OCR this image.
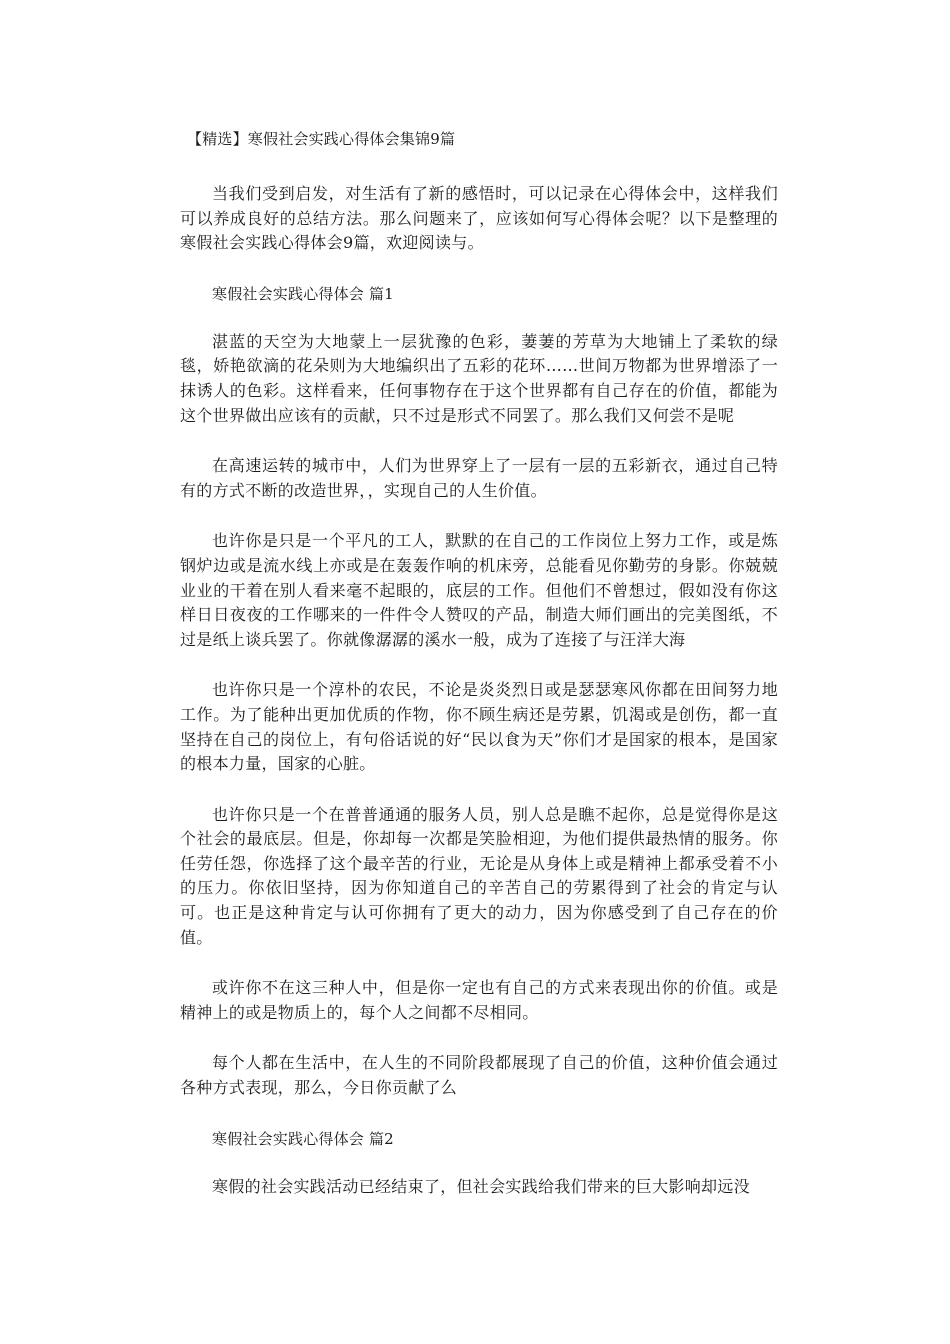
【精选】寒假社会实践心得体会集锦9篇

当我们受到启发，对生活有了新的感悟时，可以记录在心得体会中，这样我们可以养成良好的总结方法。那么问题来了，应该如何写心得体会呢？以下是整理的寒假社会实践心得体会9篇，欢迎阅读与。

寒假社会实践心得体会 篇1

湛蓝的天空为大地蒙上一层犹豫的色彩，萋萋的芳草为大地铺上了柔软的绿毯，娇艳欲滴的花朵则为大地编织出了五彩的花环……世间万物都为世界增添了一抹诱人的色彩。这样看来，任何事物存在于这个世界都有自己存在的价值，都能为这个世界做出应该有的贡献，只不过是形式不同罢了。那么我们又何尝不是呢

在高速运转的城市中，人们为世界穿上了一层有一层的五彩新衣，通过自己特有的方式不断的改造世界，，实现自己的人生价值。

也许你是只是一个平凡的工人，默默的在自己的工作岗位上努力工作，或是炼钢炉边或是流水线上亦或是在轰轰作响的机床旁，总能看见你勤劳的身影。你兢兢业业的干着在别人看来毫不起眼的，底层的工作。但他们不曾想过，假如没有你这样日日夜夜的工作哪来的一件件令人赞叹的产品，制造大师们画出的完美图纸，不过是纸上谈兵罢了。你就像潺潺的溪水一般，成为了连接了与汪洋大海

也许你只是一个淳朴的农民，不论是炎炎烈日或是瑟瑟寒风你都在田间努力地工作。为了能种出更加优质的作物，你不顾生病还是劳累，饥渴或是创伤，都一直坚持在自己的岗位上，有句俗话说的好“民以食为天”你们才是国家的根本，是国家的根本力量，国家的心脏。

也许你只是一个在普普通通的服务人员，别人总是瞧不起你，总是觉得你是这个社会的最底层。但是，你却每一次都是笑脸相迎，为他们提供最热情的服务。你任劳任怨，你选择了这个最辛苦的行业，无论是从身体上或是精神上都承受着不小的压力。你依旧坚持，因为你知道自己的辛苦自己的劳累得到了社会的肯定与认可。也正是这种肯定与认可你拥有了更大的动力，因为你感受到了自己存在的价值。

或许你不在这三种人中，但是你一定也有自己的方式来表现出你的价值。或是精神上的或是物质上的，每个人之间都不尽相同。

每个人都在生活中，在人生的不同阶段都展现了自己的价值，这种价值会通过各种方式表现，那么，今日你贡献了么

寒假社会实践心得体会 篇2

寒假的社会实践活动已经结束了，但社会实践给我们带来的巨大影响却远没
